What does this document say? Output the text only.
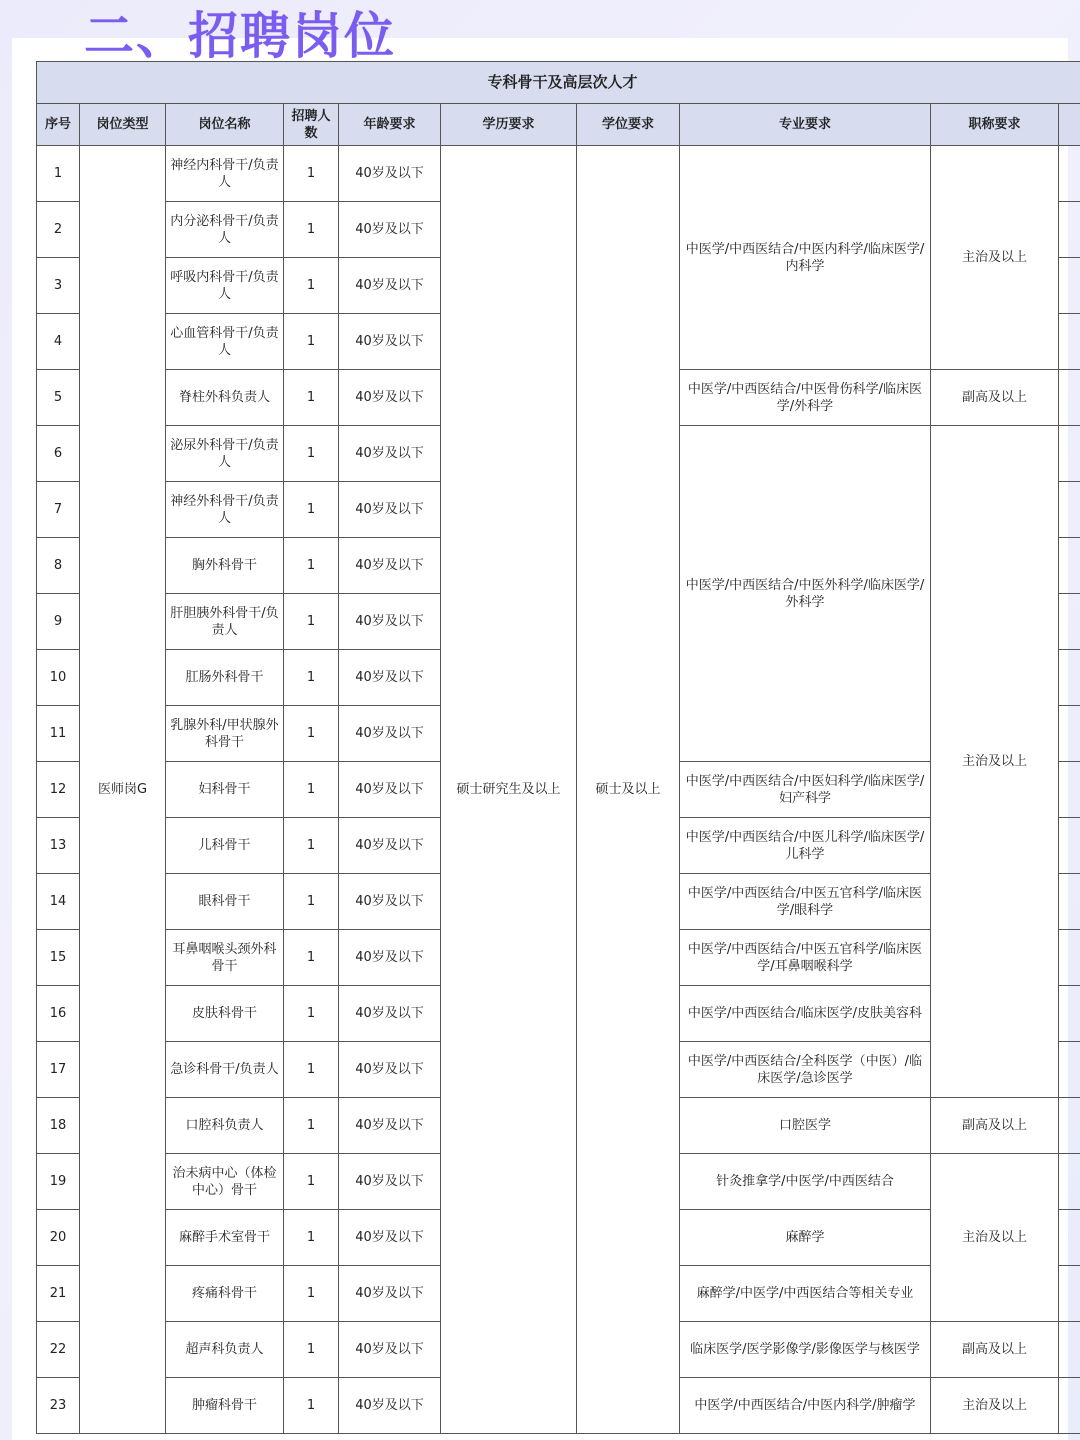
二、招聘岗位
专科骨干及高层次人才									
序号	岗位类型	岗位名称	招聘人数	年龄要求	学历要求	学位要求	专业要求	职称要求	
1	医师岗G	神经内科骨干/负责人	1	40岁及以下	硕士研究生及以上	硕士及以上	中医学/中西医结合/中医内科学/临床医学/内科学	主治及以上	
2		内分泌科骨干/负责人	1	40岁及以下					
3		呼吸内科骨干/负责人	1	40岁及以下					
4		心血管科骨干/负责人	1	40岁及以下					
5		脊柱外科负责人	1	40岁及以下			中医学/中西医结合/中医骨伤科学/临床医学/外科学	副高及以上	
6		泌尿外科骨干/负责人	1	40岁及以下			中医学/中西医结合/中医外科学/临床医学/外科学	主治及以上	
7		神经外科骨干/负责人	1	40岁及以下					
8		胸外科骨干	1	40岁及以下					
9		肝胆胰外科骨干/负责人	1	40岁及以下					
10		肛肠外科骨干	1	40岁及以下					
11		乳腺外科/甲状腺外科骨干	1	40岁及以下					
12		妇科骨干	1	40岁及以下			中医学/中西医结合/中医妇科学/临床医学/妇产科学		
13		儿科骨干	1	40岁及以下			中医学/中西医结合/中医儿科学/临床医学/儿科学		
14		眼科骨干	1	40岁及以下			中医学/中西医结合/中医五官科学/临床医学/眼科学		
15		耳鼻咽喉头颈外科骨干	1	40岁及以下			中医学/中西医结合/中医五官科学/临床医学/耳鼻咽喉科学		
16		皮肤科骨干	1	40岁及以下			中医学/中西医结合/临床医学/皮肤美容科		
17		急诊科骨干/负责人	1	40岁及以下			中医学/中西医结合/全科医学（中医）/临床医学/急诊医学		
18		口腔科负责人	1	40岁及以下			口腔医学	副高及以上	
19		治未病中心（体检中心）骨干	1	40岁及以下			针灸推拿学/中医学/中西医结合	主治及以上	
20		麻醉手术室骨干	1	40岁及以下			麻醉学		
21		疼痛科骨干	1	40岁及以下			麻醉学/中医学/中西医结合等相关专业		
22		超声科负责人	1	40岁及以下			临床医学/医学影像学/影像医学与核医学	副高及以上	
23		肿瘤科骨干	1	40岁及以下			中医学/中西医结合/中医内科学/肿瘤学	主治及以上	
